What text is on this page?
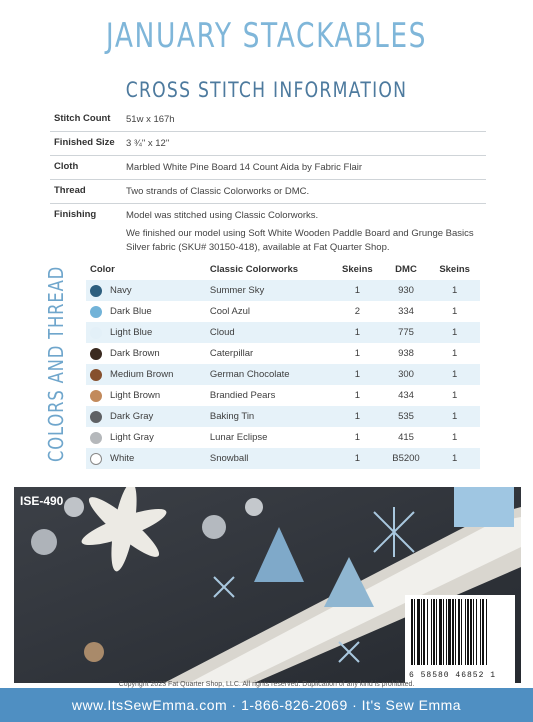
JANUARY STACKABLES
CROSS STITCH INFORMATION
Stitch Count	51w x 167h
Finished Size	3 ¾" x 12"
Cloth	Marbled White Pine Board 14 Count Aida by Fabric Flair
Thread	Two strands of Classic Colorworks or DMC.
Finishing	Model was stitched using Classic Colorworks.

We finished our model using Soft White Wooden Paddle Board and Grunge Basics Silver fabric (SKU# 30150-418), available at Fat Quarter Shop.

COLORS AND THREAD Color	Classic Colorworks	Skeins	DMC	Skeins

Navy	Summer Sky	1	930	1

Dark Blue	Cool Azul	2	334	1

Light Blue	Cloud	1	775	1

Dark Brown	Caterpillar	1	938	1

Medium Brown	German Chocolate	1	300	1

Light Brown	Brandied Pears	1	434	1

Dark Gray	Baking Tin	1	535	1

Light Gray	Lunar Eclipse	1	415	1

White	Snowball	1	B5200	1
ISE-490
6 58580 46852 1
www.ItsSewEmma.com · 1-866-826-2069 · It's Sew Emma
Copyright 2023 Fat Quarter Shop, LLC. All rights reserved. Duplication of any kind is prohibited.
